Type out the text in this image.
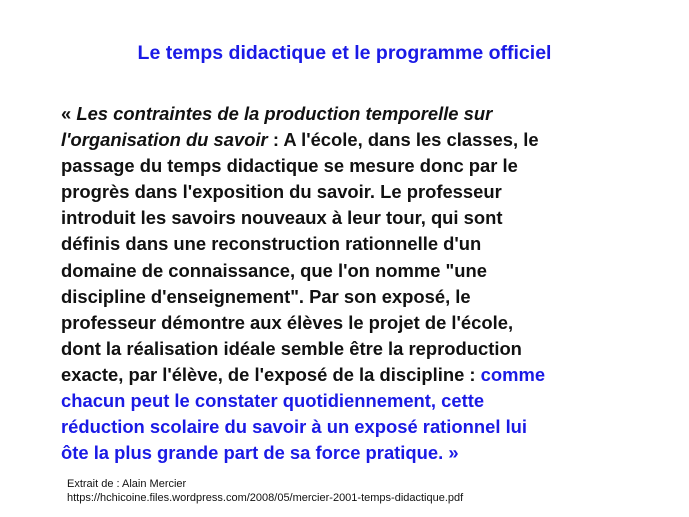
Le temps didactique et le programme officiel
« Les contraintes de la production temporelle sur
l'organisation du savoir : A l'école, dans les classes, le
passage du temps didactique se mesure donc par le
progrès dans l'exposition du savoir. Le professeur
introduit les savoirs nouveaux à leur tour, qui sont
définis dans une reconstruction rationnelle d'un
domaine de connaissance, que l'on nomme "une
discipline d'enseignement". Par son exposé, le
professeur démontre aux élèves le projet de l'école,
dont la réalisation idéale semble être la reproduction
exacte, par l'élève, de l'exposé de la discipline : comme
chacun peut le constater quotidiennement, cette
réduction scolaire du savoir à un exposé rationnel lui
ôte la plus grande part de sa force pratique. »
Extrait de : Alain Mercier
https://hchicoine.files.wordpress.com/2008/05/mercier-2001-temps-didactique.pdf
